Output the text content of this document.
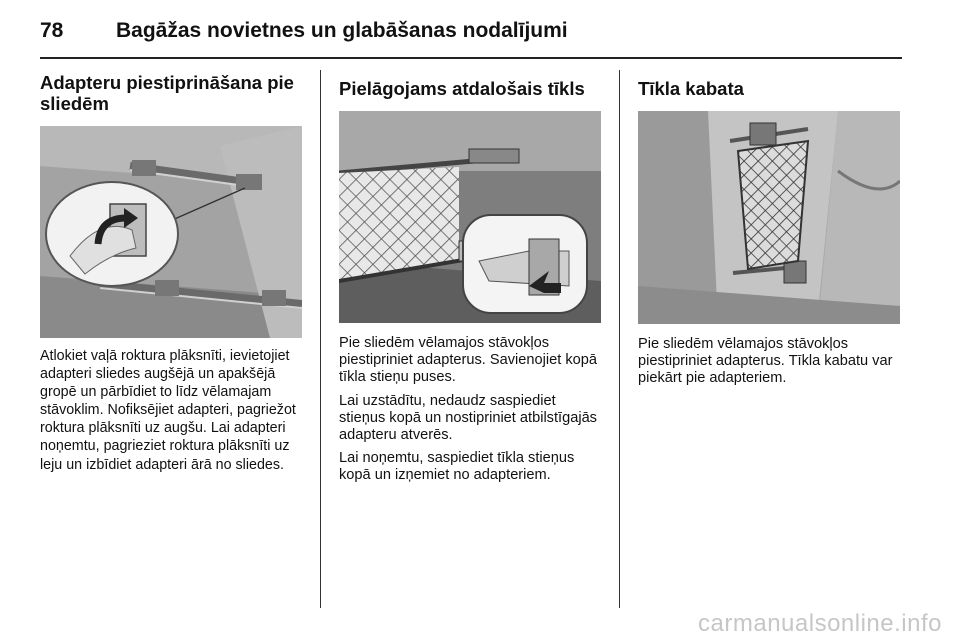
78	Bagāžas novietnes un glabāšanas nodalījumi
Adapteru piestiprināšana pie sliedēm

Atlokiet vaļā roktura plāksnīti, ievietojiet adapteri sliedes augšējā un apakšējā gropē un pārbīdiet to līdz vēlamajam stāvoklim. Nofiksējiet adapteri, pagriežot roktura plāksnīti uz augšu. Lai adapteri noņemtu, pagrieziet roktura plāksnīti uz leju un izbīdiet adapteri ārā no sliedes.

Pielāgojams atdalošais tīkls

Pie sliedēm vēlamajos stāvokļos piestipriniet adapterus. Savienojiet kopā tīkla stieņu puses.

Lai uzstādītu, nedaudz saspiediet stieņus kopā un nostipriniet atbilstīgajās adapteru atverēs.

Lai noņemtu, saspiediet tīkla stieņus kopā un izņemiet no adapteriem.

Tīkla kabata

Pie sliedēm vēlamajos stāvokļos piestipriniet adapterus. Tīkla kabatu var piekārt pie adapteriem.

carmanualsonline.info
